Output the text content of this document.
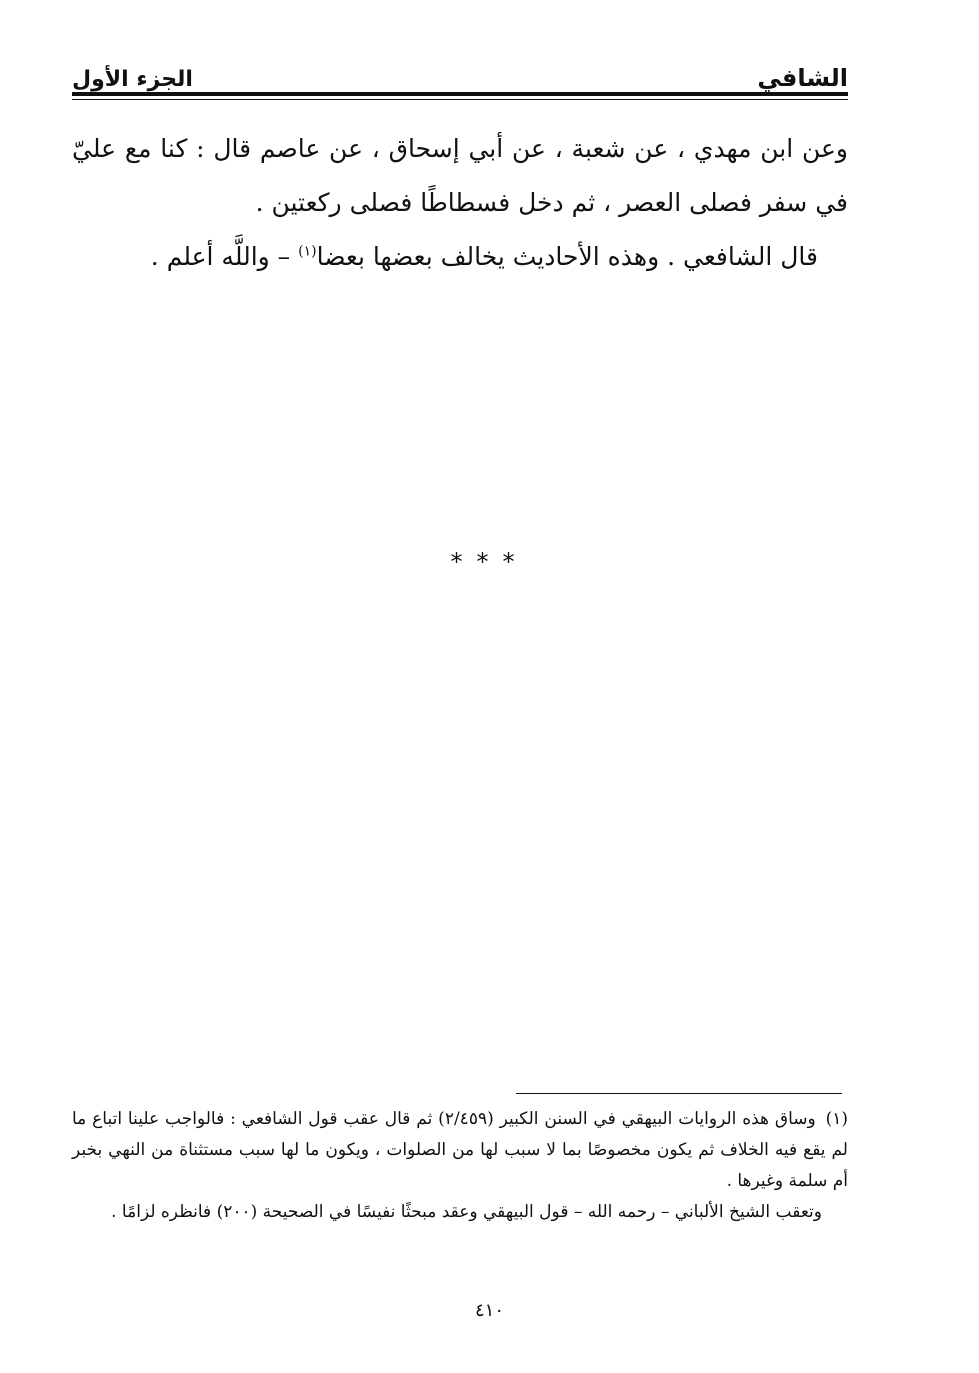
الشافي
الجزء الأول

وعن ابن مهدي ، عن شعبة ، عن أبي إسحاق ، عن عاصم قال : كنا مع عليّ في سفر فصلى العصر ، ثم دخل فسطاطًا فصلى ركعتين .

قال الشافعي . وهذه الأحاديث يخالف بعضها بعضا$^{(١)}$ – واللَّه أعلم .

***

(١) وساق هذه الروايات البيهقي في السنن الكبير (٢/٤٥٩) ثم قال عقب قول الشافعي : فالواجب علينا اتباع ما لم يقع فيه الخلاف ثم يكون مخصوصًا بما لا سبب لها من الصلوات ، ويكون ما لها سبب مستثناة من النهي بخبر أم سلمة وغيرها .

وتعقب الشيخ الألباني – رحمه الله – قول البيهقي وعقد مبحثًا نفيسًا في الصحيحة (٢٠٠) فانظره لزامًا .

٤١٠
